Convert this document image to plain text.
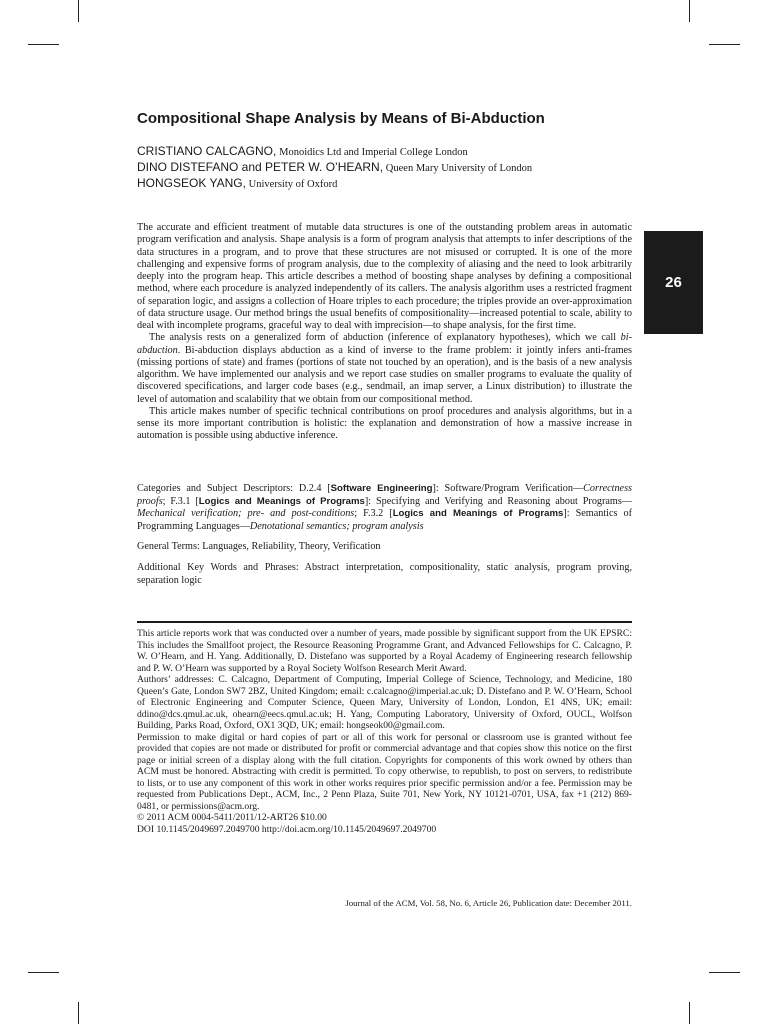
26
Compositional Shape Analysis by Means of Bi-Abduction

CRISTIANO CALCAGNO, Monoidics Ltd and Imperial College London

DINO DISTEFANO and PETER W. O’HEARN, Queen Mary University of London

HONGSEOK YANG, University of Oxford

The accurate and efficient treatment of mutable data structures is one of the outstanding problem areas in automatic program verification and analysis. Shape analysis is a form of program analysis that attempts to infer descriptions of the data structures in a program, and to prove that these structures are not misused or corrupted. It is one of the more challenging and expensive forms of program analysis, due to the complexity of aliasing and the need to look arbitrarily deeply into the program heap. This article describes a method of boosting shape analyses by defining a compositional method, where each procedure is analyzed independently of its callers. The analysis algorithm uses a restricted fragment of separation logic, and assigns a collection of Hoare triples to each procedure; the triples provide an over-approximation of data structure usage. Our method brings the usual benefits of compositionality—increased potential to scale, ability to deal with incomplete programs, graceful way to deal with imprecision—to shape analysis, for the first time.

The analysis rests on a generalized form of abduction (inference of explanatory hypotheses), which we call bi-abduction. Bi-abduction displays abduction as a kind of inverse to the frame problem: it jointly infers anti-frames (missing portions of state) and frames (portions of state not touched by an operation), and is the basis of a new analysis algorithm. We have implemented our analysis and we report case studies on smaller programs to evaluate the quality of discovered specifications, and larger code bases (e.g., sendmail, an imap server, a Linux distribution) to illustrate the level of automation and scalability that we obtain from our compositional method.

This article makes number of specific technical contributions on proof procedures and analysis algorithms, but in a sense its more important contribution is holistic: the explanation and demonstration of how a massive increase in automation is possible using abductive inference.

Categories and Subject Descriptors: D.2.4 [Software Engineering]: Software/Program Verification—Correctness proofs; F.3.1 [Logics and Meanings of Programs]: Specifying and Verifying and Reasoning about Programs—Mechanical verification; pre- and post-conditions; F.3.2 [Logics and Meanings of Programs]: Semantics of Programming Languages—Denotational semantics; program analysis

General Terms: Languages, Reliability, Theory, Verification

Additional Key Words and Phrases: Abstract interpretation, compositionality, static analysis, program proving, separation logic

This article reports work that was conducted over a number of years, made possible by significant support from the UK EPSRC: This includes the Smallfoot project, the Resource Reasoning Programme Grant, and Advanced Fellowships for C. Calcagno, P. W. O’Hearn, and H. Yang. Additionally, D. Distefano was supported by a Royal Academy of Engineering research fellowship and P. W. O’Hearn was supported by a Royal Society Wolfson Research Merit Award.

Authors’ addresses: C. Calcagno, Department of Computing, Imperial College of Science, Technology, and Medicine, 180 Queen’s Gate, London SW7 2BZ, United Kingdom; email: c.calcagno@imperial.ac.uk; D. Distefano and P. W. O’Hearn, School of Electronic Engineering and Computer Science, Queen Mary, University of London, London, E1 4NS, UK; email: ddino@dcs.qmul.ac.uk, ohearn@eecs.qmul.ac.uk; H. Yang, Computing Laboratory, University of Oxford, OUCL, Wolfson Building, Parks Road, Oxford, OX1 3QD, UK; email: hongseok00@gmail.com.

Permission to make digital or hard copies of part or all of this work for personal or classroom use is granted without fee provided that copies are not made or distributed for profit or commercial advantage and that copies show this notice on the first page or initial screen of a display along with the full citation. Copyrights for components of this work owned by others than ACM must be honored. Abstracting with credit is permitted. To copy otherwise, to republish, to post on servers, to redistribute to lists, or to use any component of this work in other works requires prior specific permission and/or a fee. Permission may be requested from Publications Dept., ACM, Inc., 2 Penn Plaza, Suite 701, New York, NY 10121-0701, USA, fax +1 (212) 869-0481, or permissions@acm.org.

© 2011 ACM 0004-5411/2011/12-ART26 $10.00

DOI 10.1145/2049697.2049700 http://doi.acm.org/10.1145/2049697.2049700

Journal of the ACM, Vol. 58, No. 6, Article 26, Publication date: December 2011.
